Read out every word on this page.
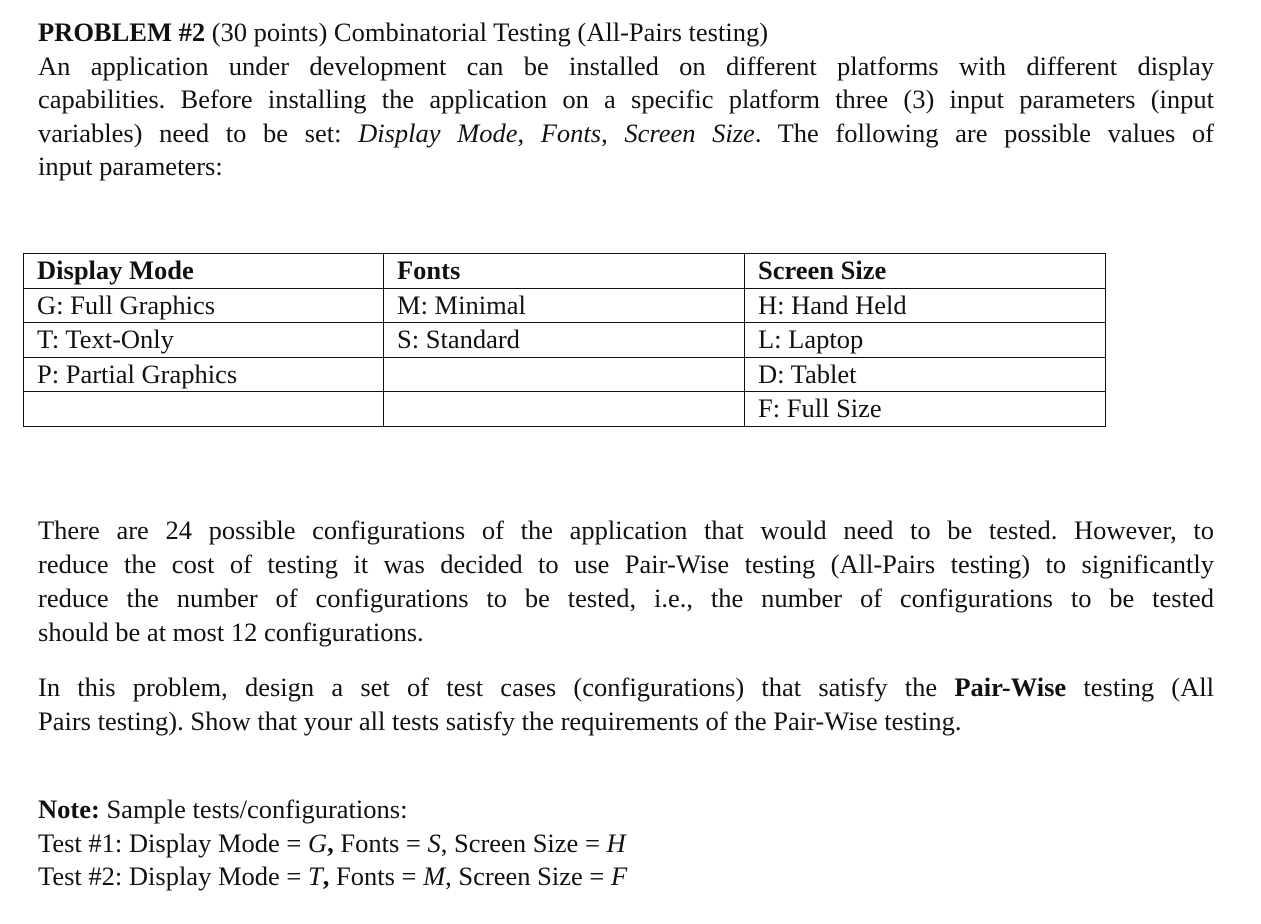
PROBLEM #2 (30 points) Combinatorial Testing (All-Pairs testing)
An application under development can be installed on different platforms with different display
capabilities. Before installing the application on a specific platform three (3) input parameters (input
variables) need to be set: Display Mode, Fonts, Screen Size. The following are possible values of
input parameters:
Display Mode	Fonts	Screen Size
G: Full Graphics	M: Minimal	H: Hand Held
T: Text-Only	S: Standard	L: Laptop
P: Partial Graphics		D: Tablet
		F: Full Size
There are 24 possible configurations of the application that would need to be tested. However, to
reduce the cost of testing it was decided to use Pair-Wise testing (All-Pairs testing) to significantly
reduce the number of configurations to be tested, i.e., the number of configurations to be tested
should be at most 12 configurations.
In this problem, design a set of test cases (configurations) that satisfy the Pair-Wise testing (All
Pairs testing). Show that your all tests satisfy the requirements of the Pair-Wise testing.
Note: Sample tests/configurations:
Test #1: Display Mode = G, Fonts = S, Screen Size = H
Test #2: Display Mode = T, Fonts = M, Screen Size = F
